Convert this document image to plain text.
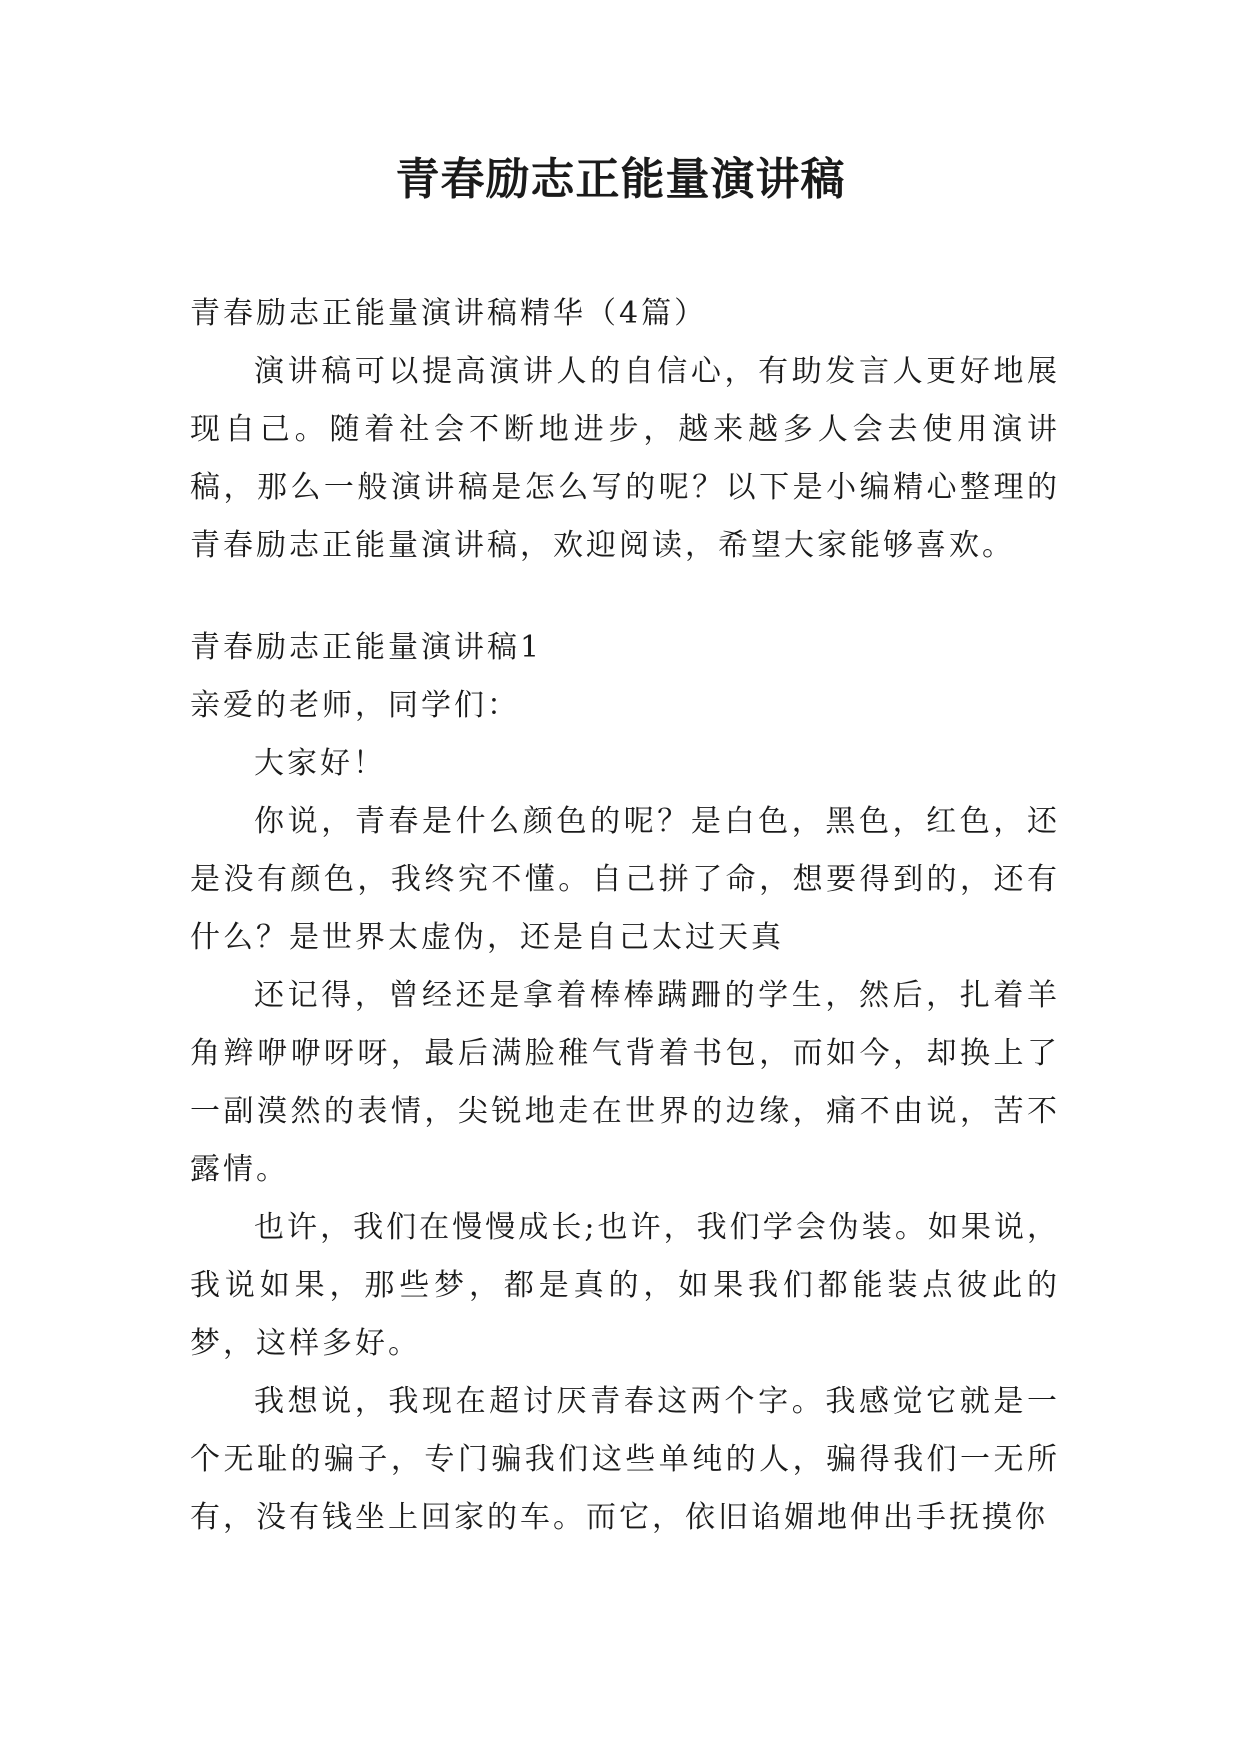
青春励志正能量演讲稿

青春励志正能量演讲稿精华（4篇）

演讲稿可以提高演讲人的自信心，有助发言人更好地展现自己。随着社会不断地进步，越来越多人会去使用演讲稿，那么一般演讲稿是怎么写的呢？以下是小编精心整理的青春励志正能量演讲稿，欢迎阅读，希望大家能够喜欢。

青春励志正能量演讲稿1

亲爱的老师，同学们：

大家好！

你说，青春是什么颜色的呢？是白色，黑色，红色，还是没有颜色，我终究不懂。自己拼了命，想要得到的，还有什么？是世界太虚伪，还是自己太过天真

还记得，曾经还是拿着棒棒蹒跚的学生，然后，扎着羊角辫咿咿呀呀，最后满脸稚气背着书包，而如今，却换上了一副漠然的表情，尖锐地走在世界的边缘，痛不由说，苦不露情。

也许，我们在慢慢成长;也许，我们学会伪装。如果说，我说如果，那些梦，都是真的，如果我们都能装点彼此的梦，这样多好。

我想说，我现在超讨厌青春这两个字。我感觉它就是一个无耻的骗子，专门骗我们这些单纯的人，骗得我们一无所有，没有钱坐上回家的车。而它，依旧谄媚地伸出手抚摸你
